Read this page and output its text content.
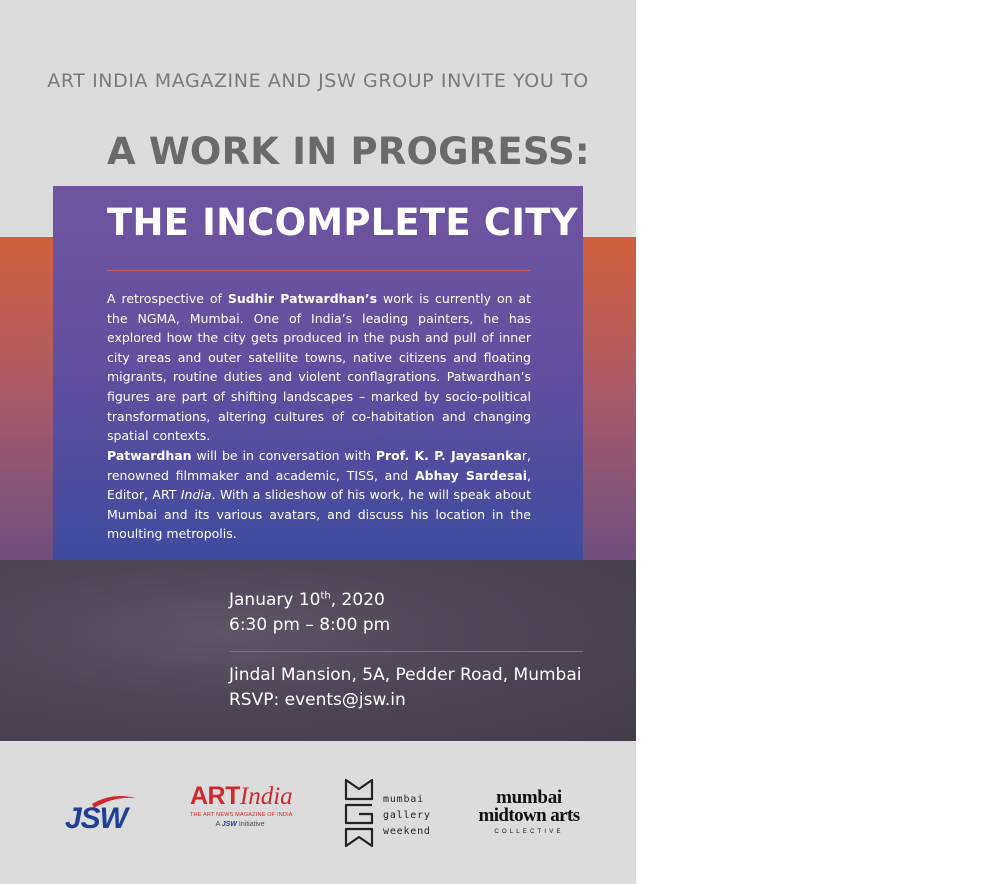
ART INDIA MAGAZINE AND JSW GROUP INVITE YOU TO
A WORK IN PROGRESS:
THE INCOMPLETE CITY

A retrospective of Sudhir Patwardhan’s work is currently on at the NGMA, Mumbai. One of India’s leading painters, he has explored how the city gets produced in the push and pull of inner city areas and outer satellite towns, native citizens and floating migrants, routine duties and violent conflagrations. Patwardhan’s figures are part of shifting landscapes – marked by socio-political transformations, altering cultures of co-habitation and changing spatial contexts.

Patwardhan will be in conversation with Prof. K. P. Jayasankar, renowned filmmaker and academic, TISS, and Abhay Sardesai, Editor, ART India. With a slideshow of his work, he will speak about Mumbai and its various avatars, and discuss his location in the moulting metropolis.

January 10th, 2020
6:30 pm – 8:00 pm
Jindal Mansion, 5A, Pedder Road, Mumbai
RSVP: events@jsw.in
JSW
ARTIndia
THE ART NEWS MAGAZINE OF INDIA
A JSW Initiative
mumbai
gallery
weekend
mumbai
midtown arts
COLLECTIVE
